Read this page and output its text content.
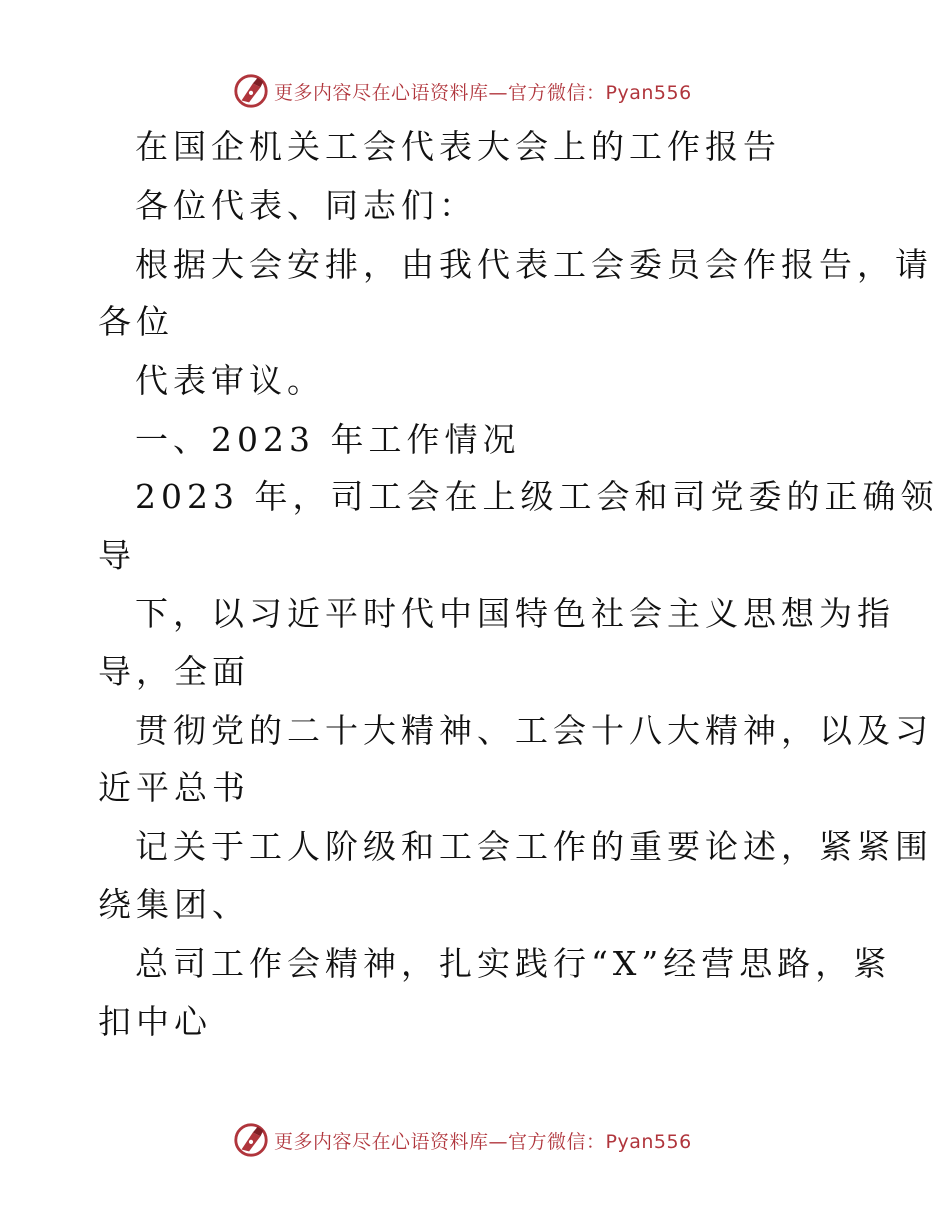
更多内容尽在心语资料库—官方微信：Pyan556

在国企机关工会代表大会上的工作报告

各位代表、同志们：

根据大会安排，由我代表工会委员会作报告，请

各位

代表审议。

一、2023 年工作情况

2023 年，司工会在上级工会和司党委的正确领

导

下，以习近平时代中国特色社会主义思想为指

导，全面

贯彻党的二十大精神、工会十八大精神，以及习

近平总书

记关于工人阶级和工会工作的重要论述，紧紧围

绕集团、

总司工作会精神，扎实践行“X”经营思路，紧

扣中心

更多内容尽在心语资料库—官方微信：Pyan556
